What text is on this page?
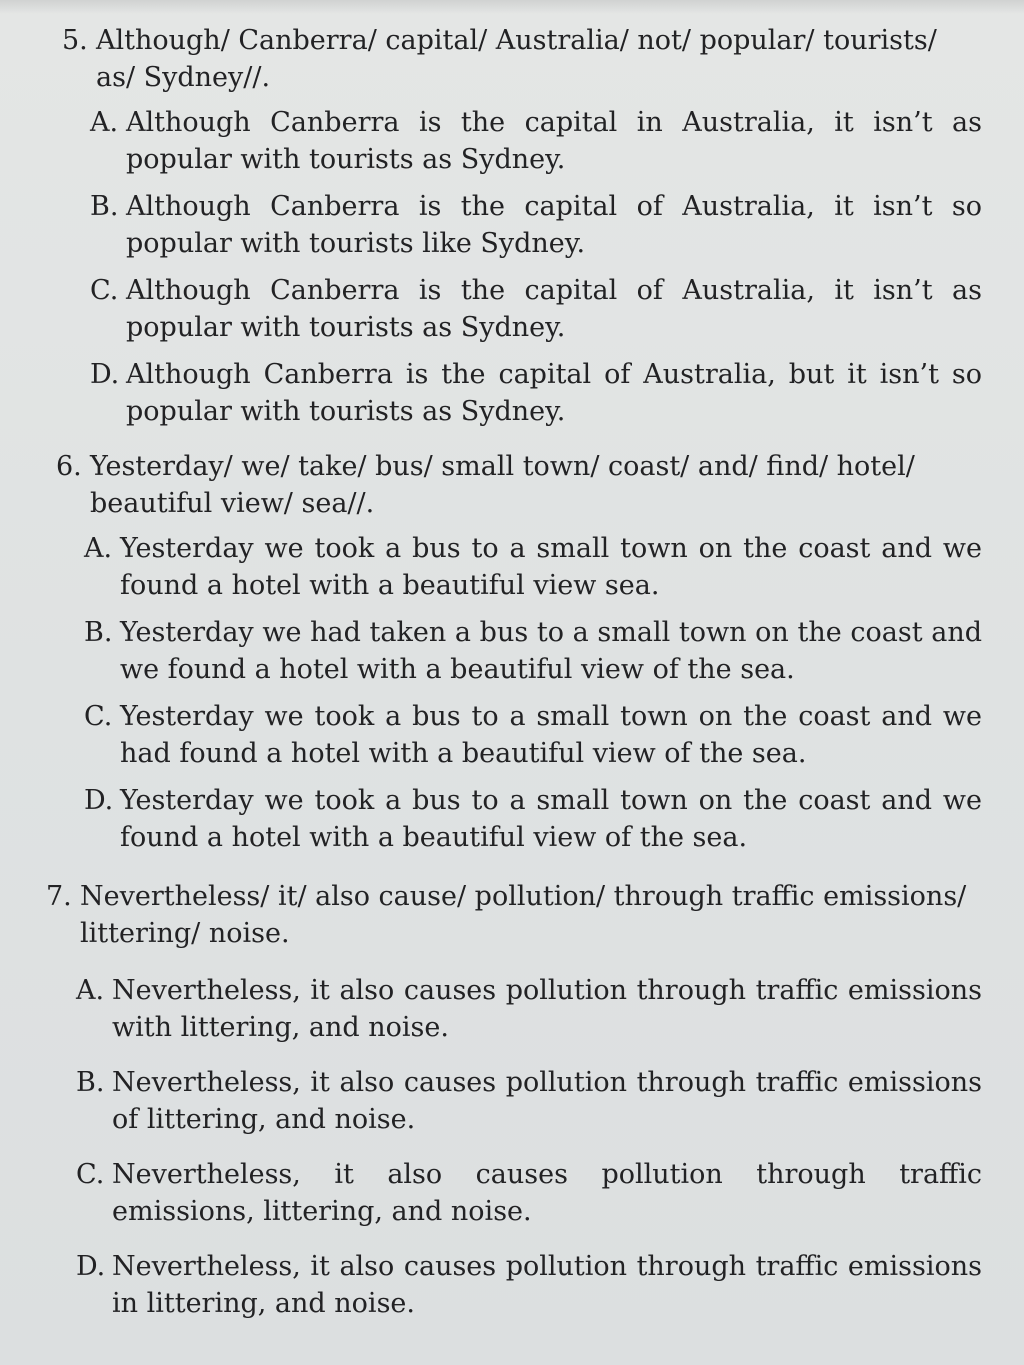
5. Although/ Canberra/ capital/ Australia/ not/ popular/ tourists/ as/ Sydney//.
A. Although Canberra is the capital in Australia, it isn’t as popular with tourists as Sydney.
B. Although Canberra is the capital of Australia, it isn’t so popular with tourists like Sydney.
C. Although Canberra is the capital of Australia, it isn’t as popular with tourists as Sydney.
D. Although Canberra is the capital of Australia, but it isn’t so popular with tourists as Sydney.
6. Yesterday/ we/ take/ bus/ small town/ coast/ and/ find/ hotel/ beautiful view/ sea//.
A. Yesterday we took a bus to a small town on the coast and we found a hotel with a beautiful view sea.
B. Yesterday we had taken a bus to a small town on the coast and we found a hotel with a beautiful view of the sea.
C. Yesterday we took a bus to a small town on the coast and we had found a hotel with a beautiful view of the sea.
D. Yesterday we took a bus to a small town on the coast and we found a hotel with a beautiful view of the sea.
7. Nevertheless/ it/ also cause/ pollution/ through traffic emissions/ littering/ noise.
A. Nevertheless, it also causes pollution through traffic emissions with littering, and noise.
B. Nevertheless, it also causes pollution through traffic emissions of littering, and noise.
C. Nevertheless, it also causes pollution through traffic emissions, littering, and noise.
D. Nevertheless, it also causes pollution through traffic emissions in littering, and noise.
